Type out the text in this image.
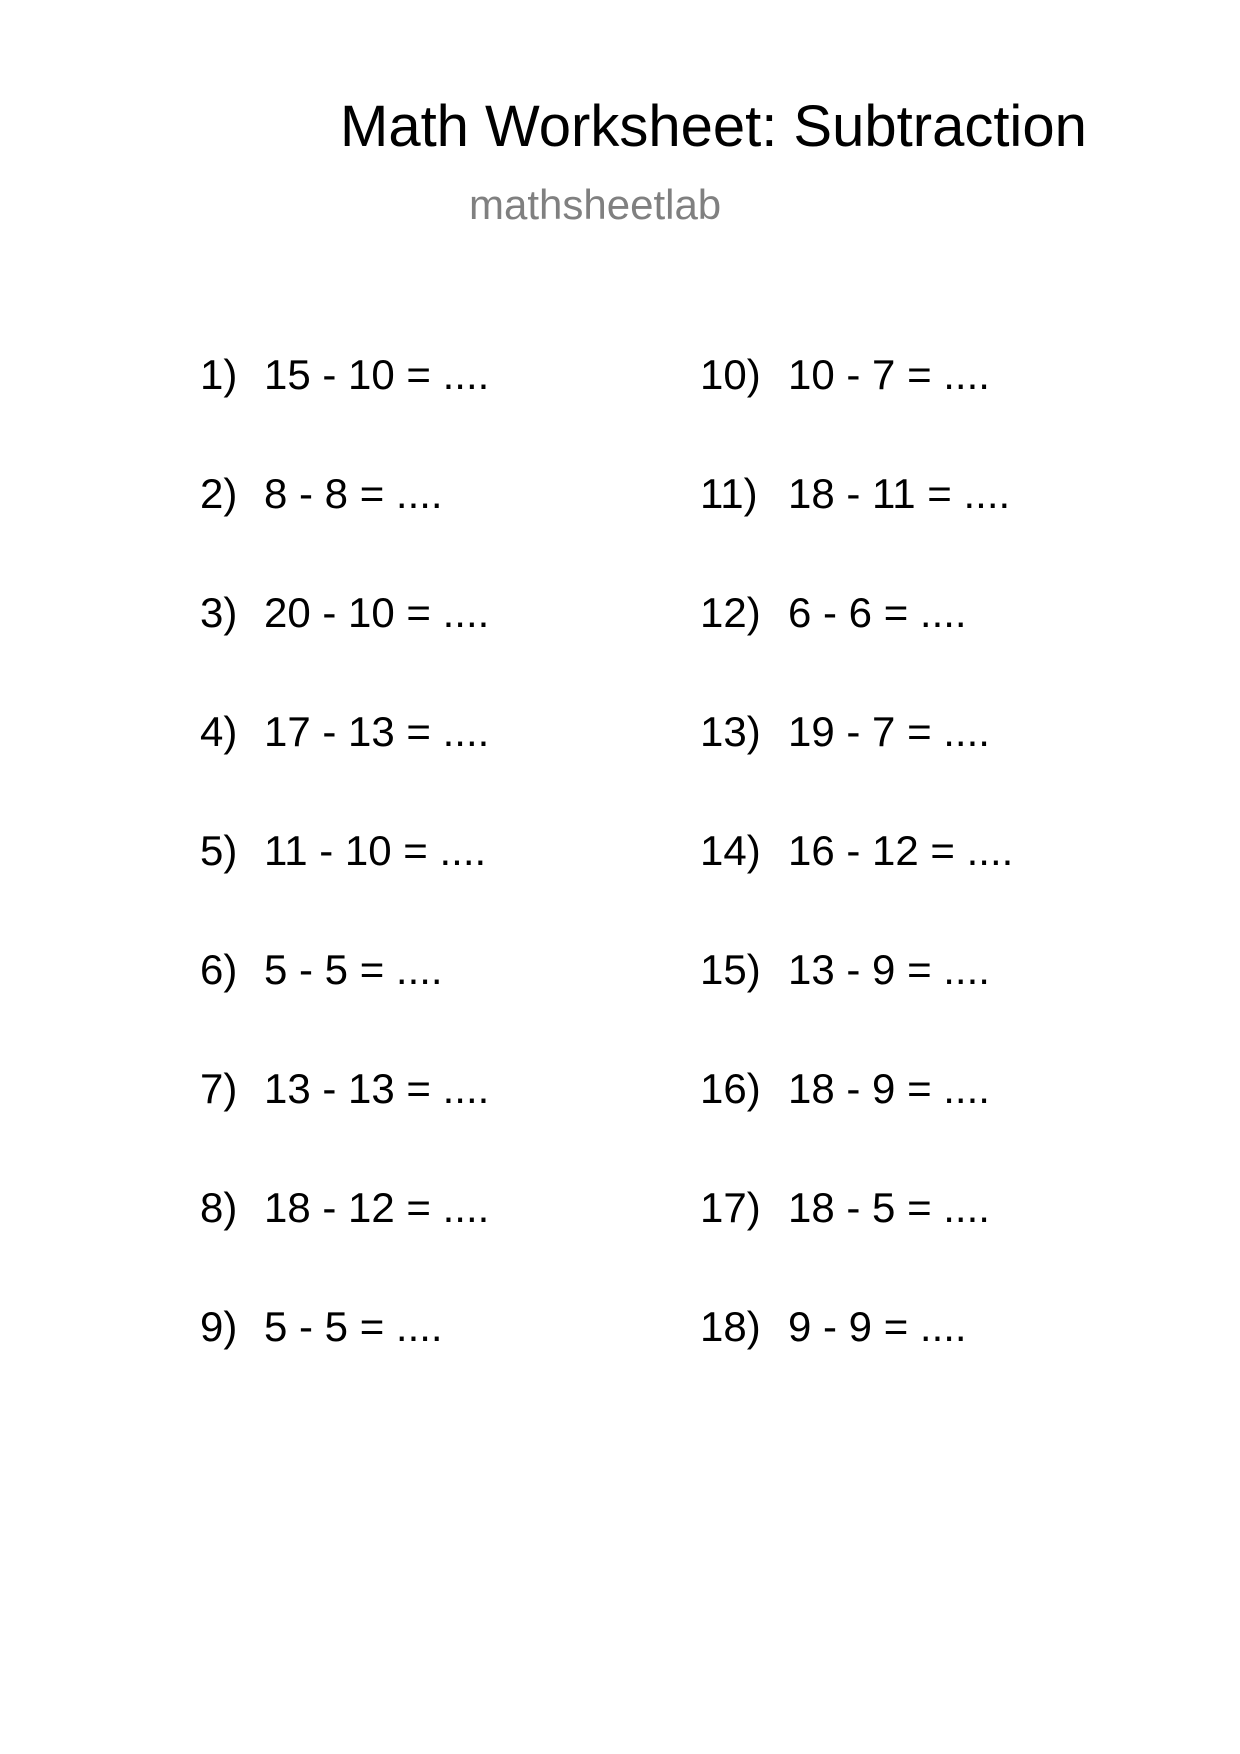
Math Worksheet: Subtraction
mathsheetlab
1) 15 - 10 = ....
2) 8 - 8 = ....
3) 20 - 10 = ....
4) 17 - 13 = ....
5) 11 - 10 = ....
6) 5 - 5 = ....
7) 13 - 13 = ....
8) 18 - 12 = ....
9) 5 - 5 = ....
10) 10 - 7 = ....
11) 18 - 11 = ....
12) 6 - 6 = ....
13) 19 - 7 = ....
14) 16 - 12 = ....
15) 13 - 9 = ....
16) 18 - 9 = ....
17) 18 - 5 = ....
18) 9 - 9 = ....
